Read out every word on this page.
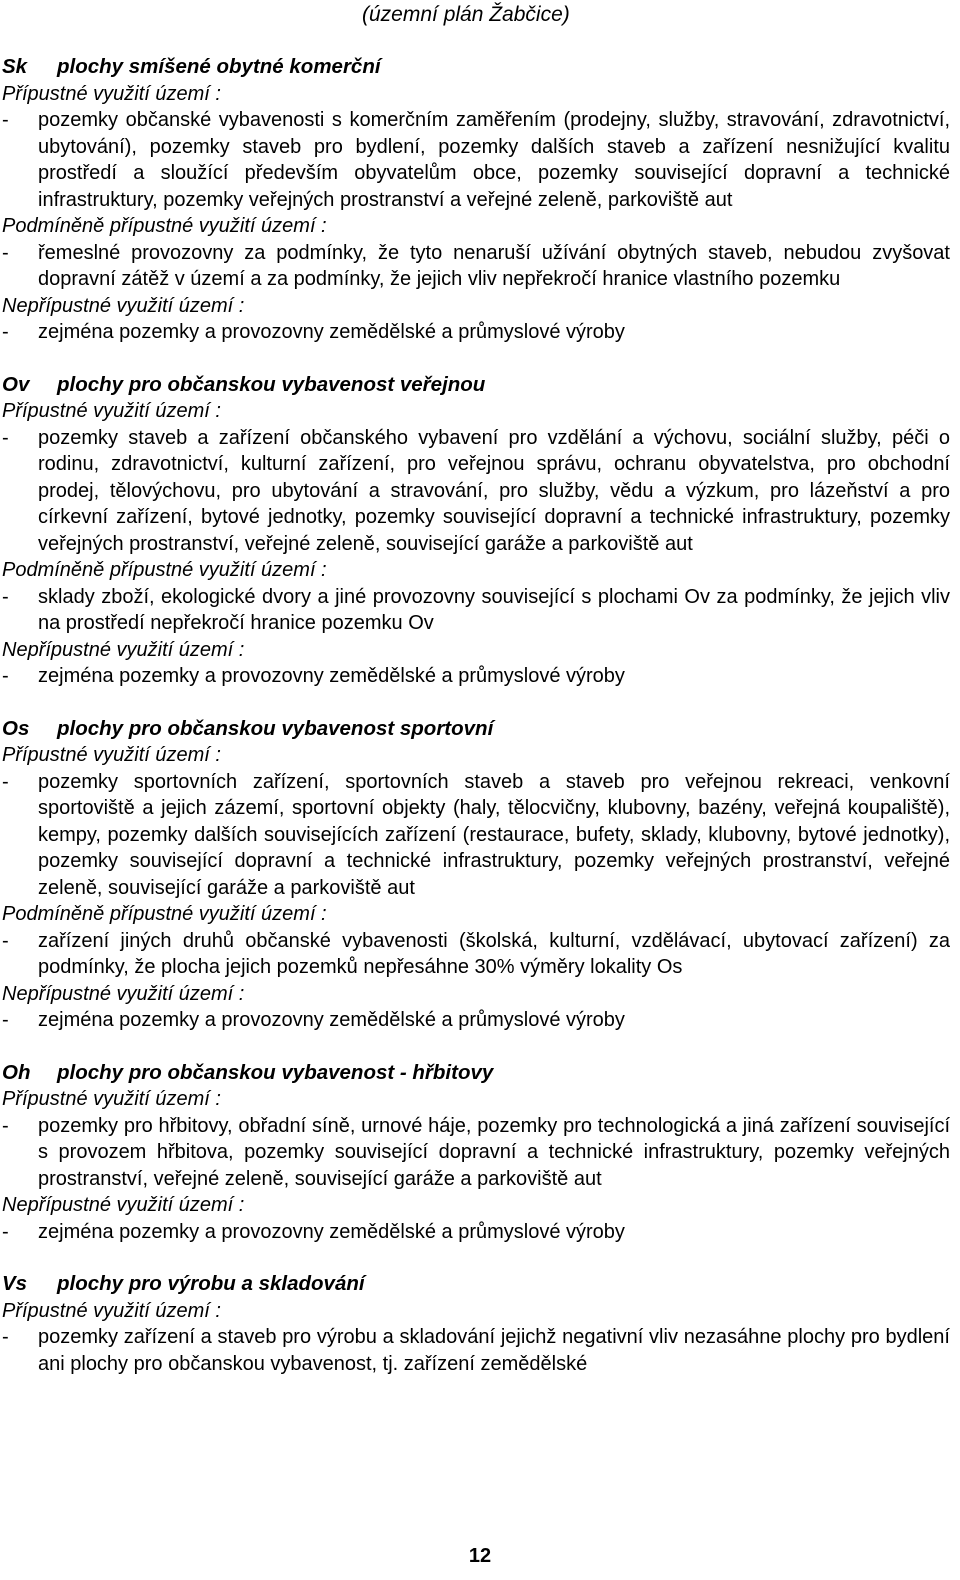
(územní plán Žabčice)
Sk plochy smíšené obytné komerční
Přípustné využití území :
-	pozemky občanské vybavenosti s komerčním zaměřením (prodejny, služby, stravování, zdravotnictví, ubytování), pozemky staveb pro bydlení, pozemky dalších staveb a zařízení nesnižující kvalitu prostředí a sloužící především obyvatelům obce, pozemky související dopravní a technické infrastruktury, pozemky veřejných prostranství a veřejné zeleně, parkoviště aut
Podmíněně přípustné využití území :
-	řemeslné provozovny za podmínky, že tyto nenaruší užívání obytných staveb, nebudou zvyšovat dopravní zátěž v území a za podmínky, že jejich vliv nepřekročí hranice vlastního pozemku
Nepřípustné využití území :
-	zejména pozemky a provozovny zemědělské a průmyslové výroby
Ov plochy pro občanskou vybavenost veřejnou
Přípustné využití území :
-	pozemky staveb a zařízení občanského vybavení pro vzdělání a výchovu, sociální služby, péči o rodinu, zdravotnictví, kulturní zařízení, pro veřejnou správu, ochranu obyvatelstva, pro obchodní prodej, tělovýchovu, pro ubytování a stravování, pro služby, vědu a výzkum, pro lázeňství a pro církevní zařízení, bytové jednotky, pozemky související dopravní a technické infrastruktury, pozemky veřejných prostranství, veřejné zeleně, související garáže a parkoviště aut
Podmíněně přípustné využití území :
-	sklady zboží, ekologické dvory a jiné provozovny související s plochami Ov za podmínky, že jejich vliv na prostředí nepřekročí hranice pozemku Ov
Nepřípustné využití území :
-	zejména pozemky a provozovny zemědělské a průmyslové výroby
Os plochy pro občanskou vybavenost sportovní
Přípustné využití území :
-	pozemky sportovních zařízení, sportovních staveb a staveb pro veřejnou rekreaci, venkovní sportoviště a jejich zázemí, sportovní objekty (haly, tělocvičny, klubovny, bazény, veřejná koupaliště), kempy, pozemky dalších souvisejících zařízení (restaurace, bufety, sklady, klubovny, bytové jednotky), pozemky související dopravní a technické infrastruktury, pozemky veřejných prostranství, veřejné zeleně, související garáže a parkoviště aut
Podmíněně přípustné využití území :
-	zařízení jiných druhů občanské vybavenosti (školská, kulturní, vzdělávací, ubytovací zařízení) za podmínky, že plocha jejich pozemků nepřesáhne 30% výměry lokality Os
Nepřípustné využití území :
-	zejména pozemky a provozovny zemědělské a průmyslové výroby
Oh plochy pro občanskou vybavenost - hřbitovy
Přípustné využití území :
-	pozemky pro hřbitovy, obřadní síně, urnové háje, pozemky pro technologická a jiná zařízení související s provozem hřbitova, pozemky související dopravní a technické infrastruktury, pozemky veřejných prostranství, veřejné zeleně, související garáže a parkoviště aut
Nepřípustné využití území :
-	zejména pozemky a provozovny zemědělské a průmyslové výroby
Vs plochy pro výrobu a skladování
Přípustné využití území :
-	pozemky zařízení a staveb pro výrobu a skladování jejichž negativní vliv nezasáhne plochy pro bydlení ani plochy pro občanskou vybavenost, tj. zařízení zemědělské
12
